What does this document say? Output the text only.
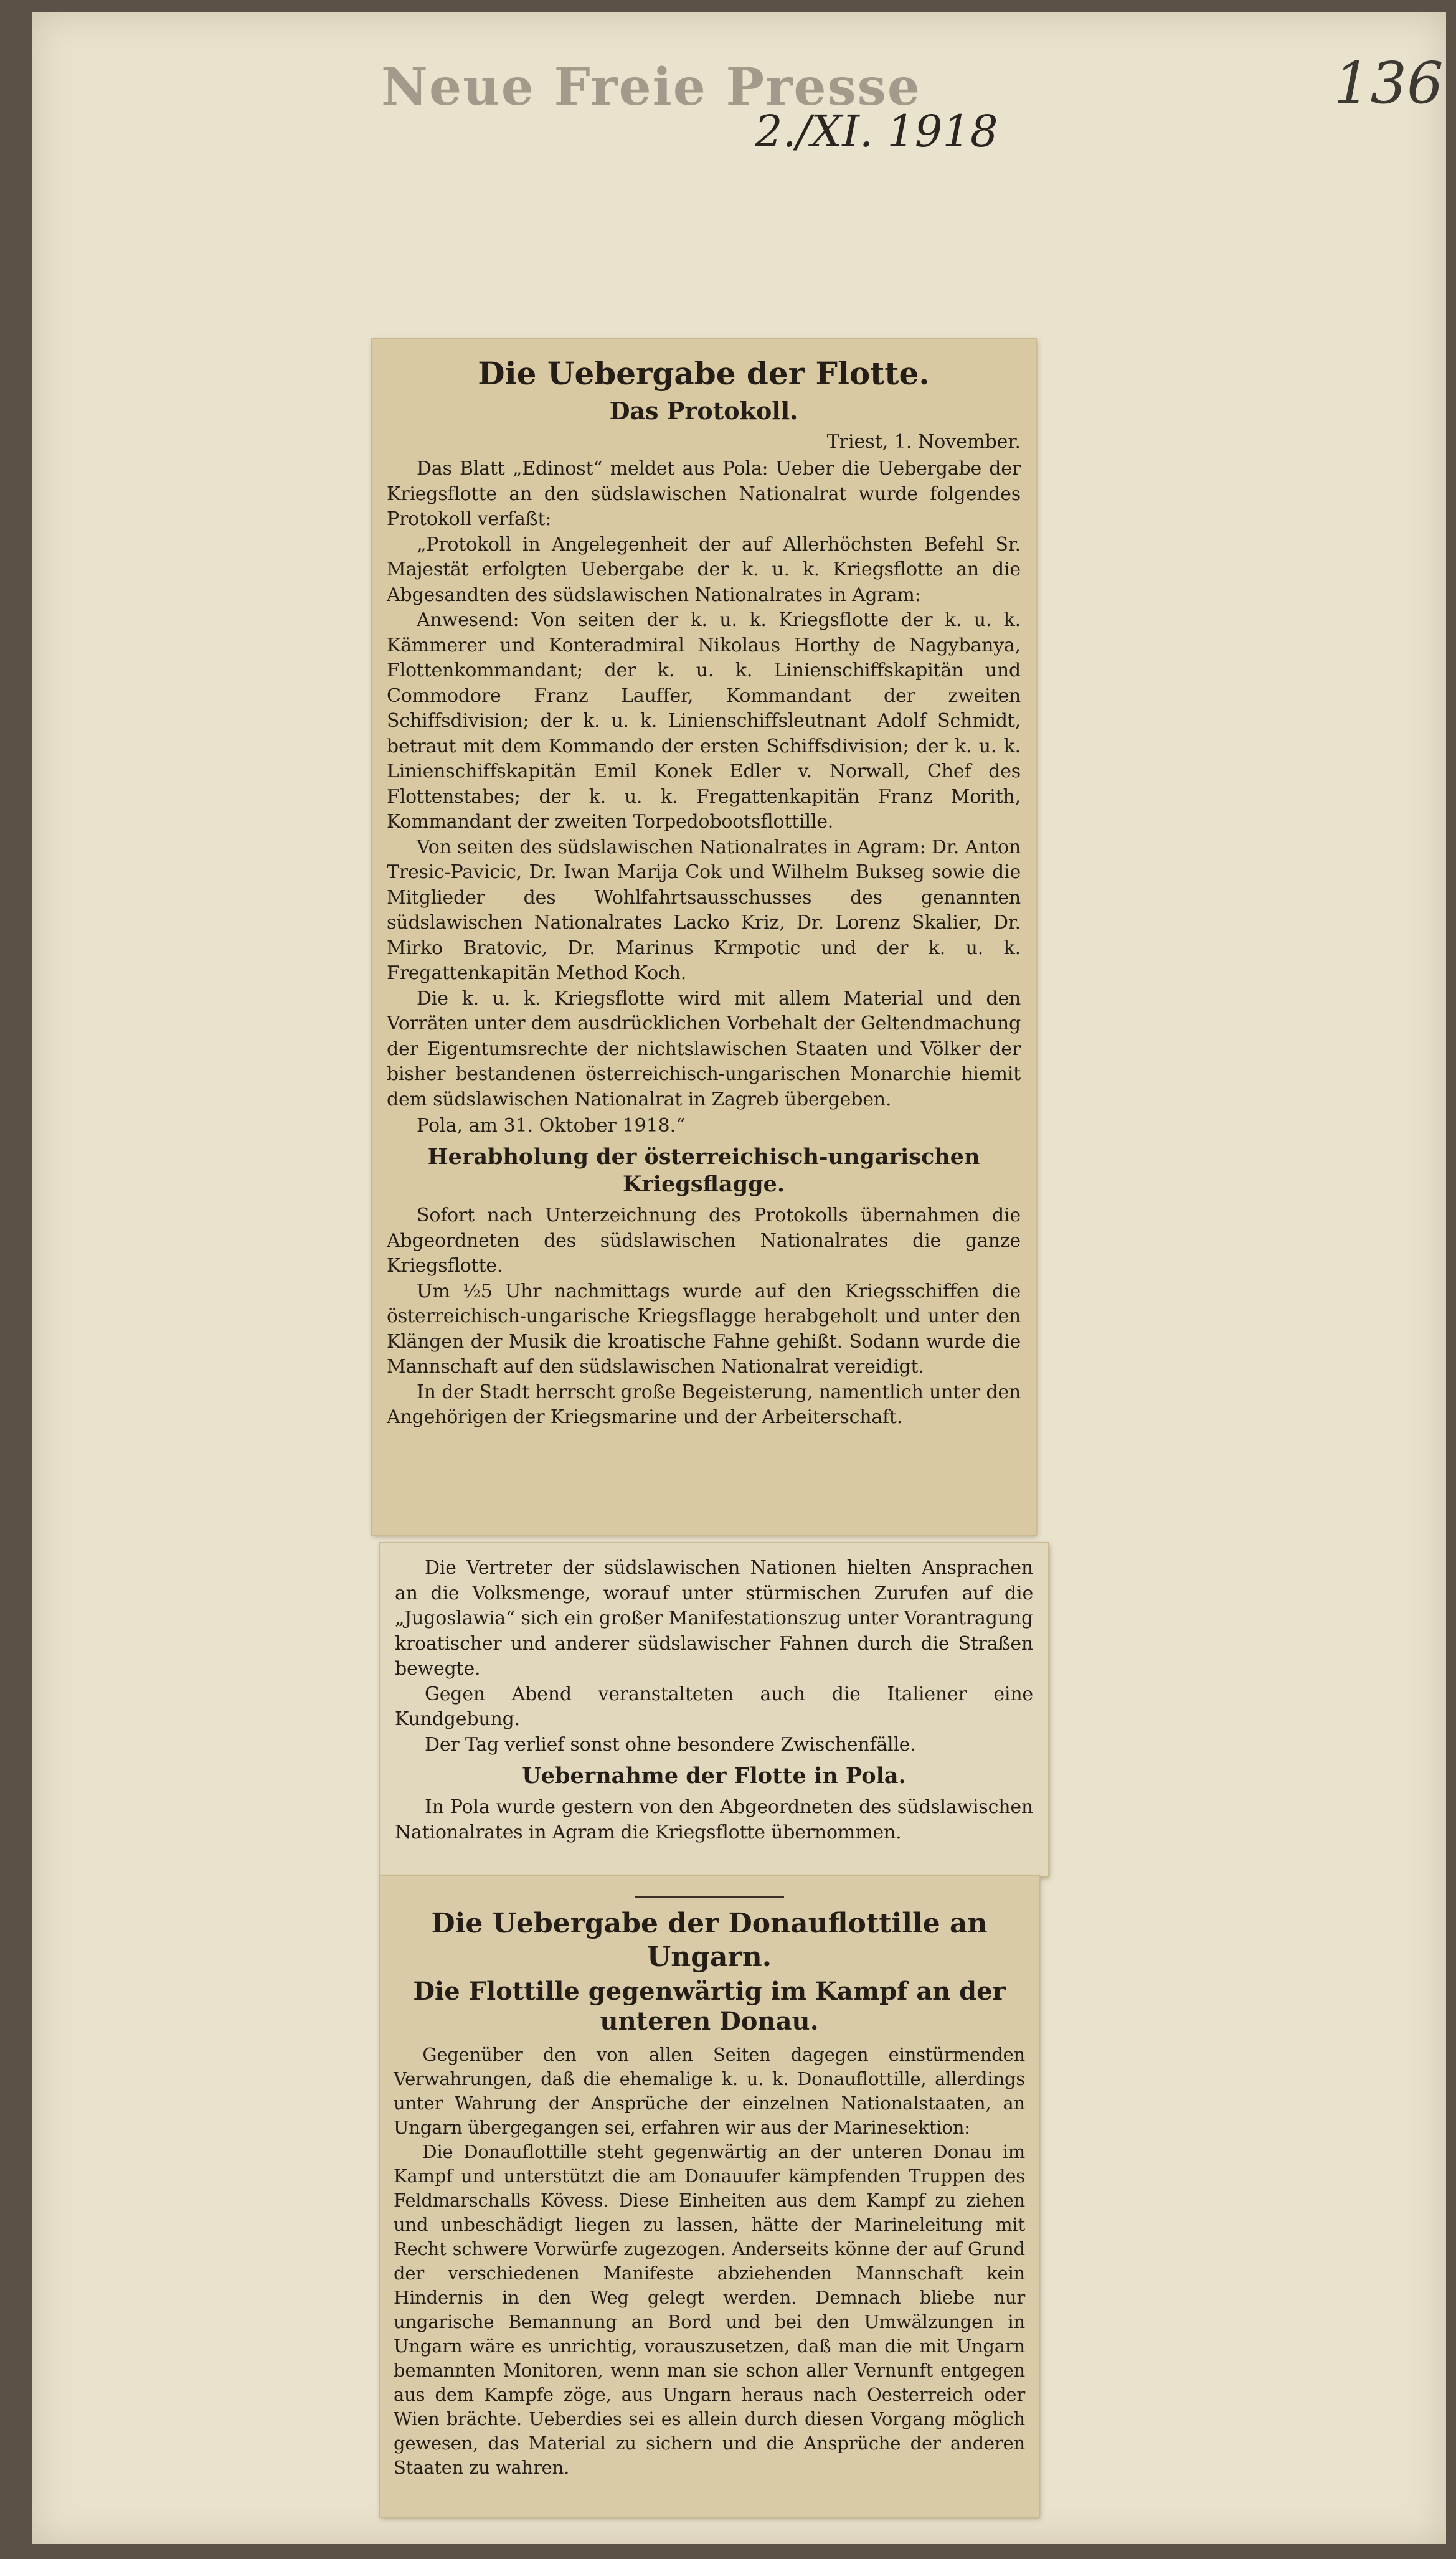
Neue Freie Presse
2./XI. 1918
136
Die Uebergabe der Flotte.
Das Protokoll.
Triest, 1. November.

Das Blatt „Edinost“ meldet aus Pola: Ueber die Uebergabe der Kriegsflotte an den südslawischen Nationalrat wurde folgendes Protokoll verfaßt:

„Protokoll in Angelegenheit der auf Allerhöchsten Befehl Sr. Majestät erfolgten Uebergabe der k. u. k. Kriegsflotte an die Abgesandten des südslawischen Nationalrates in Agram:

Anwesend: Von seiten der k. u. k. Kriegsflotte der k. u. k. Kämmerer und Konteradmiral Nikolaus Horthy de Nagybanya, Flottenkommandant; der k. u. k. Linienschiffskapitän und Commodore Franz Lauffer, Kommandant der zweiten Schiffsdivision; der k. u. k. Linienschiffsleutnant Adolf Schmidt, betraut mit dem Kommando der ersten Schiffsdivision; der k. u. k. Linienschiffskapitän Emil Konek Edler v. Norwall, Chef des Flottenstabes; der k. u. k. Fregattenkapitän Franz Morith, Kommandant der zweiten Torpedobootsflottille.

Von seiten des südslawischen Nationalrates in Agram: Dr. Anton Tresic-Pavicic, Dr. Iwan Marija Cok und Wilhelm Bukseg sowie die Mitglieder des Wohlfahrtsausschusses des genannten südslawischen Nationalrates Lacko Kriz, Dr. Lorenz Skalier, Dr. Mirko Bratovic, Dr. Marinus Krmpotic und der k. u. k. Fregattenkapitän Method Koch.

Die k. u. k. Kriegsflotte wird mit allem Material und den Vorräten unter dem ausdrücklichen Vorbehalt der Geltendmachung der Eigentumsrechte der nichtslawischen Staaten und Völker der bisher bestandenen österreichisch-ungarischen Monarchie hiemit dem südslawischen Nationalrat in Zagreb übergeben.

Pola, am 31. Oktober 1918.“
Herabholung der österreichisch-ungarischen Kriegsflagge.

Sofort nach Unterzeichnung des Protokolls übernahmen die Abgeordneten des südslawischen Nationalrates die ganze Kriegsflotte.

Um ½5 Uhr nachmittags wurde auf den Kriegsschiffen die österreichisch-ungarische Kriegsflagge herabgeholt und unter den Klängen der Musik die kroatische Fahne gehißt. Sodann wurde die Mannschaft auf den südslawischen Nationalrat vereidigt.

In der Stadt herrscht große Begeisterung, namentlich unter den Angehörigen der Kriegsmarine und der Arbeiterschaft.

Die Vertreter der südslawischen Nationen hielten Ansprachen an die Volksmenge, worauf unter stürmischen Zurufen auf die „Jugoslawia“ sich ein großer Manifestationszug unter Vorantragung kroatischer und anderer südslawischer Fahnen durch die Straßen bewegte.

Gegen Abend veranstalteten auch die Italiener eine Kundgebung.

Der Tag verlief sonst ohne besondere Zwischenfälle.

Uebernahme der Flotte in Pola.

In Pola wurde gestern von den Abgeordneten des südslawischen Nationalrates in Agram die Kriegsflotte übernommen.

Die Uebergabe der Donauflottille an Ungarn.
Die Flottille gegenwärtig im Kampf an der unteren Donau.

Gegenüber den von allen Seiten dagegen einstürmenden Verwahrungen, daß die ehemalige k. u. k. Donauflottille, allerdings unter Wahrung der Ansprüche der einzelnen Nationalstaaten, an Ungarn übergegangen sei, erfahren wir aus der Marinesektion:

Die Donauflottille steht gegenwärtig an der unteren Donau im Kampf und unterstützt die am Donauufer kämpfenden Truppen des Feldmarschalls Kövess. Diese Einheiten aus dem Kampf zu ziehen und unbeschädigt liegen zu lassen, hätte der Marineleitung mit Recht schwere Vorwürfe zugezogen. Anderseits könne der auf Grund der verschiedenen Manifeste abziehenden Mannschaft kein Hindernis in den Weg gelegt werden. Demnach bliebe nur ungarische Bemannung an Bord und bei den Umwälzungen in Ungarn wäre es unrichtig, vorauszusetzen, daß man die mit Ungarn bemannten Monitoren, wenn man sie schon aller Vernunft entgegen aus dem Kampfe zöge, aus Ungarn heraus nach Oesterreich oder Wien brächte. Ueberdies sei es allein durch diesen Vorgang möglich gewesen, das Material zu sichern und die Ansprüche der anderen Staaten zu wahren.
